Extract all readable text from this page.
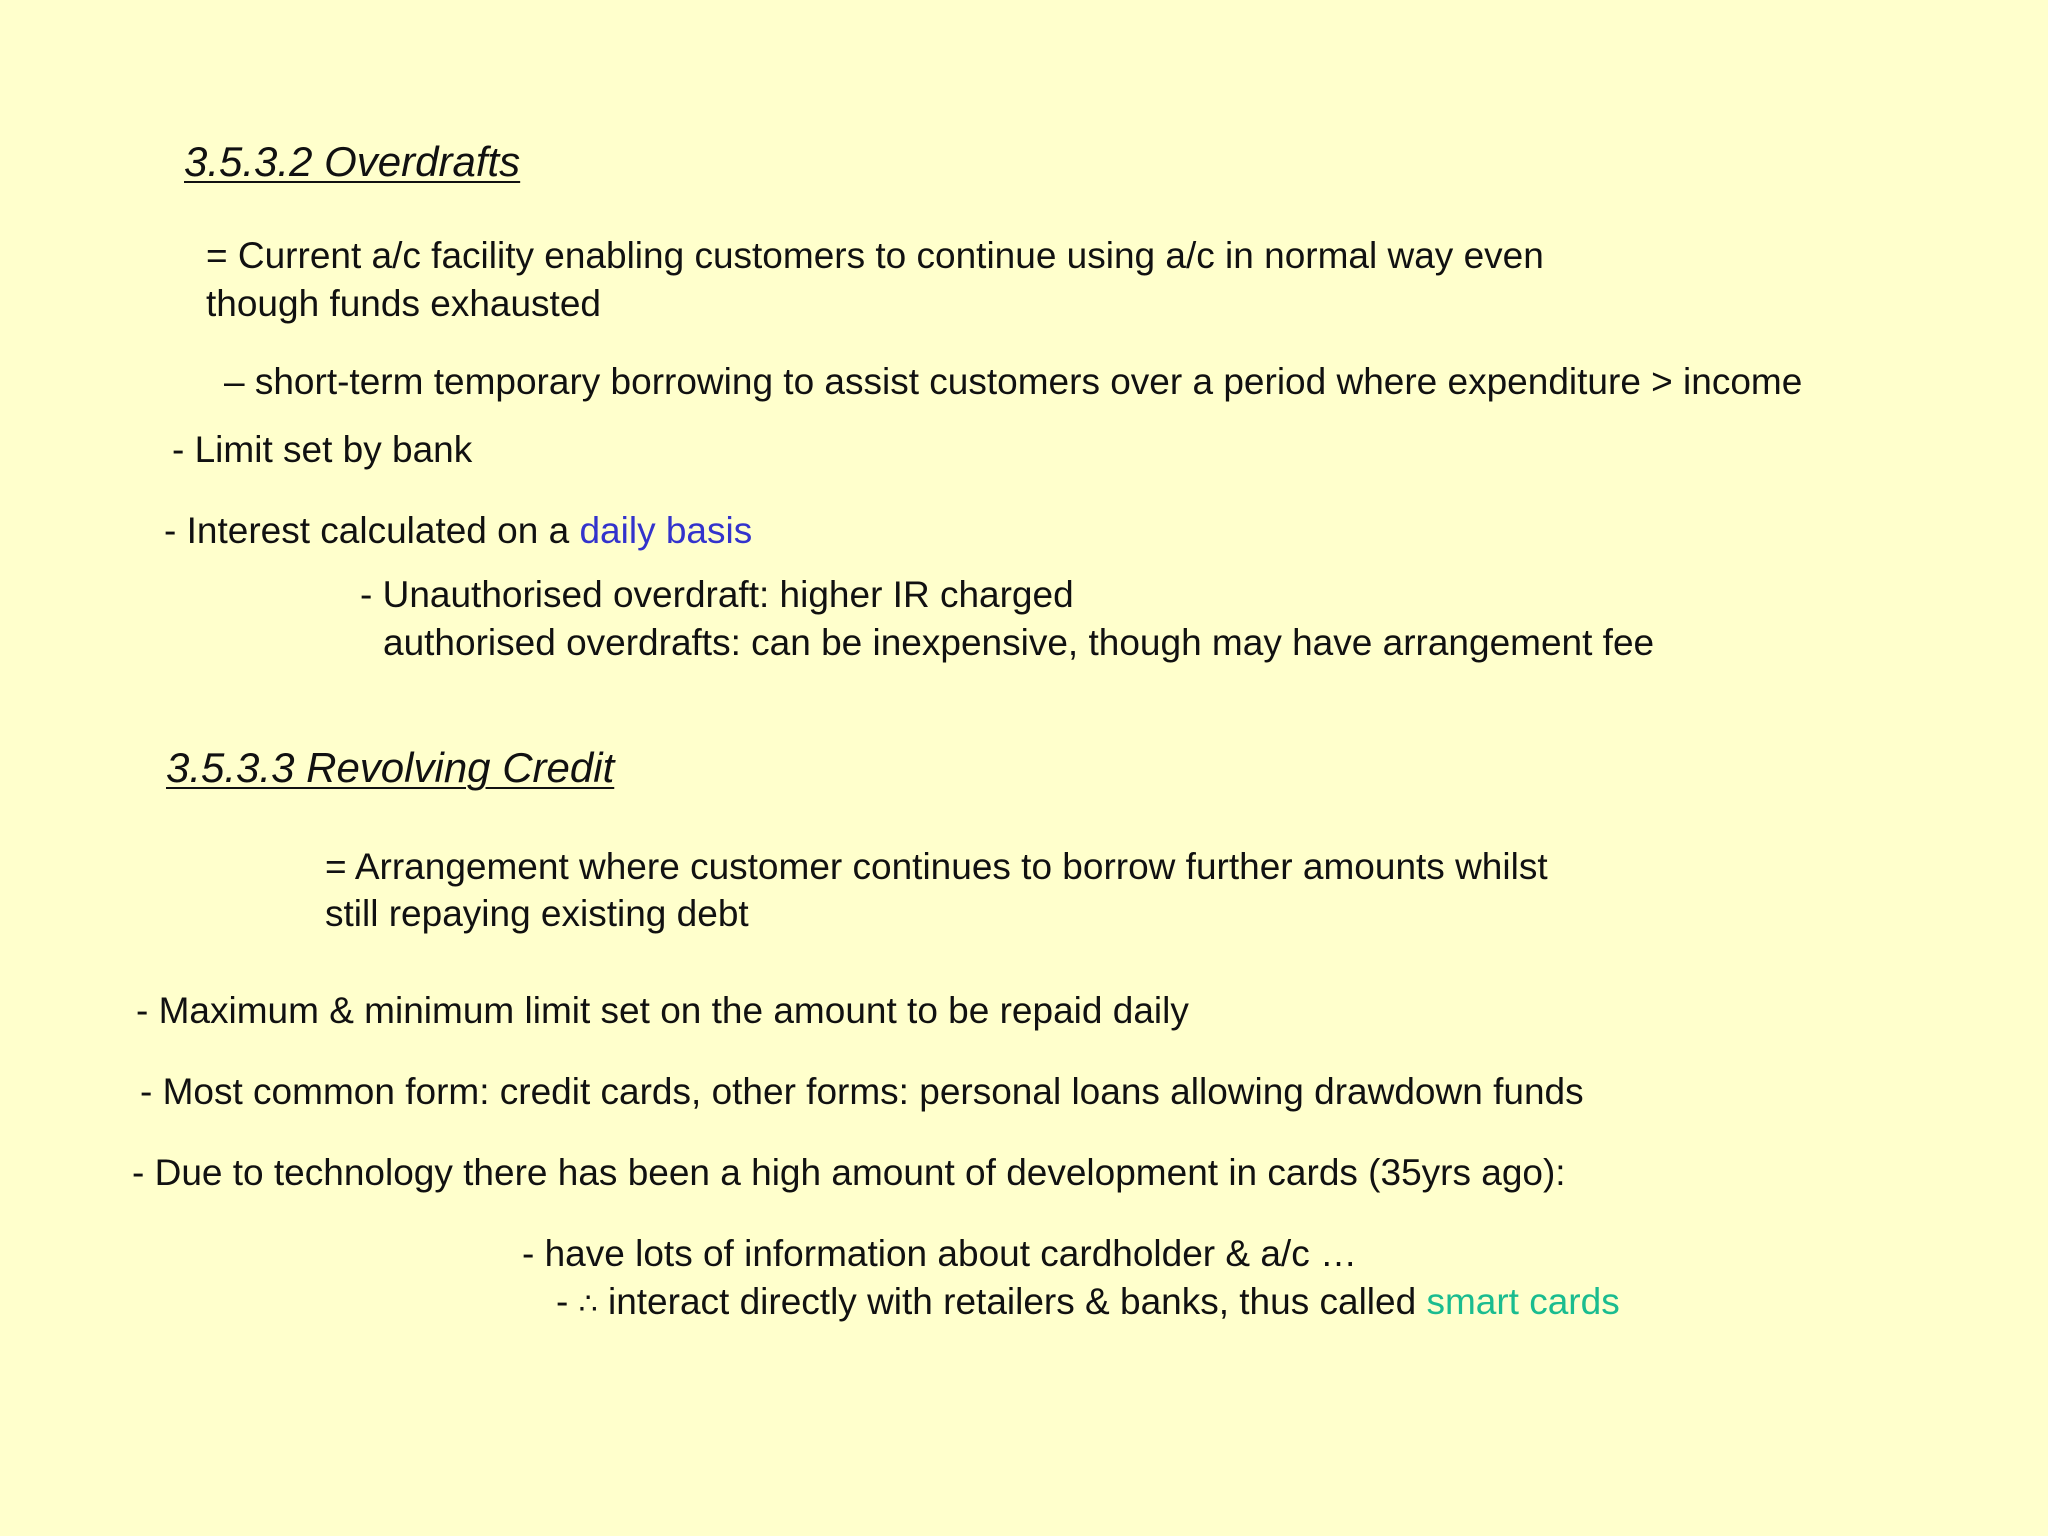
3.5.3.2 Overdrafts
= Current a/c facility enabling customers to continue using a/c in normal way even
though funds exhausted
– short-term temporary borrowing to assist customers over a period where expenditure > income
- Limit set by bank
- Interest calculated on a daily basis
- Unauthorised overdraft: higher IR charged
authorised overdrafts: can be inexpensive, though may have arrangement fee
3.5.3.3 Revolving Credit
= Arrangement where customer continues to borrow further amounts whilst
still repaying existing debt
- Maximum & minimum limit set on the amount to be repaid daily
- Most common form: credit cards, other forms: personal loans allowing drawdown funds
- Due to technology there has been a high amount of development in cards (35yrs ago):
- have lots of information about cardholder & a/c …
- ∴ interact directly with retailers & banks, thus called smart cards
